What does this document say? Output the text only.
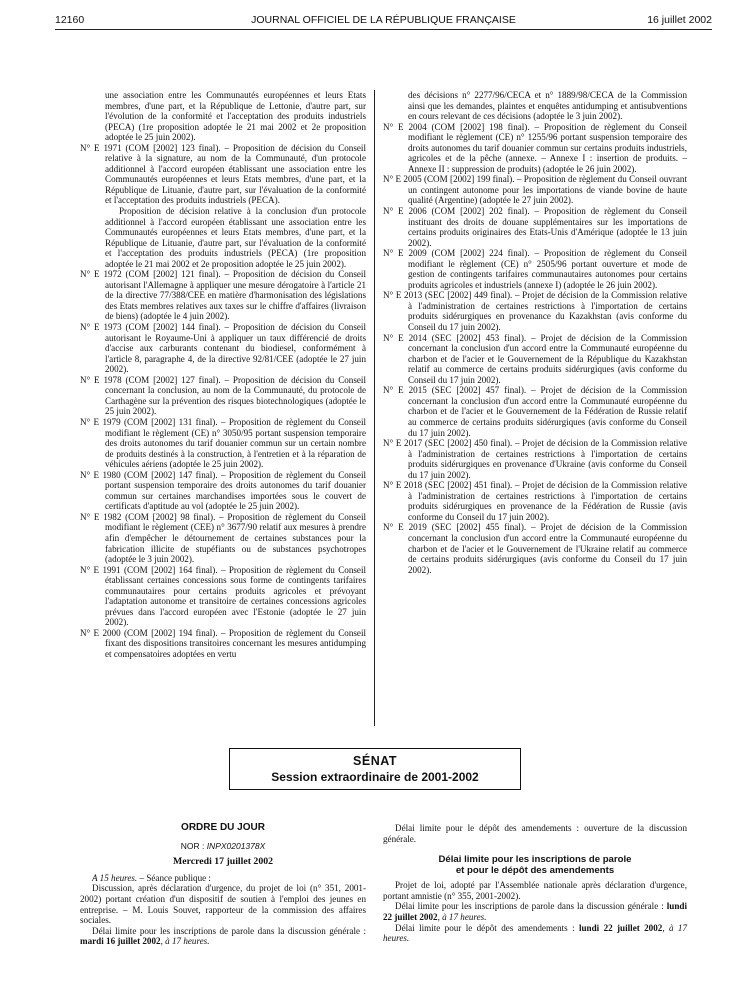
12160	JOURNAL OFFICIEL DE LA RÉPUBLIQUE FRANÇAISE	16 juillet 2002

une association entre les Communautés européennes et leurs Etats membres, d'une part, et la République de Lettonie, d'autre part, sur l'évolution de la conformité et l'acceptation des produits industriels (PECA) (1re proposition adoptée le 21 mai 2002 et 2e proposition adoptée le 25 juin 2002).

N° E 1971 (COM [2002] 123 final). – Proposition de décision du Conseil relative à la signature, au nom de la Communauté, d'un protocole additionnel à l'accord européen établissant une association entre les Communautés européennes et leurs Etats membres, d'une part, et la République de Lituanie, d'autre part, sur l'évaluation de la conformité et l'acceptation des produits industriels (PECA).

Proposition de décision relative à la conclusion d'un protocole additionnel à l'accord européen établissant une association entre les Communautés européennes et leurs Etats membres, d'une part, et la République de Lituanie, d'autre part, sur l'évaluation de la conformité et l'acceptation des produits industriels (PECA) (1re proposition adoptée le 21 mai 2002 et 2e proposition adoptée le 25 juin 2002).

N° E 1972 (COM [2002] 121 final). – Proposition de décision du Conseil autorisant l'Allemagne à appliquer une mesure dérogatoire à l'article 21 de la directive 77/388/CEE en matière d'harmonisation des législations des Etats membres relatives aux taxes sur le chiffre d'affaires (livraison de biens) (adoptée le 4 juin 2002).

N° E 1973 (COM [2002] 144 final). – Proposition de décision du Conseil autorisant le Royaume-Uni à appliquer un taux différencié de droits d'accise aux carburants contenant du biodiesel, conformément à l'article 8, paragraphe 4, de la directive 92/81/CEE (adoptée le 27 juin 2002).

N° E 1978 (COM [2002] 127 final). – Proposition de décision du Conseil concernant la conclusion, au nom de la Communauté, du protocole de Carthagène sur la prévention des risques biotechnologiques (adoptée le 25 juin 2002).

N° E 1979 (COM [2002] 131 final). – Proposition de règlement du Conseil modifiant le règlement (CE) n° 3050/95 portant suspension temporaire des droits autonomes du tarif douanier commun sur un certain nombre de produits destinés à la construction, à l'entretien et à la réparation de véhicules aériens (adoptée le 25 juin 2002).

N° E 1980 (COM [2002] 147 final). – Proposition de règlement du Conseil portant suspension temporaire des droits autonomes du tarif douanier commun sur certaines marchandises importées sous le couvert de certificats d'aptitude au vol (adoptée le 25 juin 2002).

N° E 1982 (COM [2002] 98 final). – Proposition de règlement du Conseil modifiant le règlement (CEE) n° 3677/90 relatif aux mesures à prendre afin d'empêcher le détournement de certaines substances pour la fabrication illicite de stupéfiants ou de substances psychotropes (adoptée le 3 juin 2002).

N° E 1991 (COM [2002] 164 final). – Proposition de règlement du Conseil établissant certaines concessions sous forme de contingents tarifaires communautaires pour certains produits agricoles et prévoyant l'adaptation autonome et transitoire de certaines concessions agricoles prévues dans l'accord européen avec l'Estonie (adoptée le 27 juin 2002).

N° E 2000 (COM [2002] 194 final). – Proposition de règlement du Conseil fixant des dispositions transitoires concernant les mesures antidumping et compensatoires adoptées en vertu

des décisions n° 2277/96/CECA et n° 1889/98/CECA de la Commission ainsi que les demandes, plaintes et enquêtes antidumping et antisubventions en cours relevant de ces décisions (adoptée le 3 juin 2002).

N° E 2004 (COM [2002] 198 final). – Proposition de règlement du Conseil modifiant le règlement (CE) n° 1255/96 portant suspension temporaire des droits autonomes du tarif douanier commun sur certains produits industriels, agricoles et de la pêche (annexe. – Annexe I : insertion de produits. – Annexe II : suppression de produits) (adoptée le 26 juin 2002).

N° E 2005 (COM [2002] 199 final). – Proposition de règlement du Conseil ouvrant un contingent autonome pour les importations de viande bovine de haute qualité (Argentine) (adoptée le 27 juin 2002).

N° E 2006 (COM [2002] 202 final). – Proposition de règlement du Conseil instituant des droits de douane supplémentaires sur les importations de certains produits originaires des Etats-Unis d'Amérique (adoptée le 13 juin 2002).

N° E 2009 (COM [2002] 224 final). – Proposition de règlement du Conseil modifiant le règlement (CE) n° 2505/96 portant ouverture et mode de gestion de contingents tarifaires communautaires autonomes pour certains produits agricoles et industriels (annexe I) (adoptée le 26 juin 2002).

N° E 2013 (SEC [2002] 449 final). – Projet de décision de la Commission relative à l'administration de certaines restrictions à l'importation de certains produits sidérurgiques en provenance du Kazakhstan (avis conforme du Conseil du 17 juin 2002).

N° E 2014 (SEC [2002] 453 final). – Projet de décision de la Commission concernant la conclusion d'un accord entre la Communauté européenne du charbon et de l'acier et le Gouvernement de la République du Kazakhstan relatif au commerce de certains produits sidérurgiques (avis conforme du Conseil du 17 juin 2002).

N° E 2015 (SEC [2002] 457 final). – Projet de décision de la Commission concernant la conclusion d'un accord entre la Communauté européenne du charbon et de l'acier et le Gouvernement de la Fédération de Russie relatif au commerce de certains produits sidérurgiques (avis conforme du Conseil du 17 juin 2002).

N° E 2017 (SEC [2002] 450 final). – Projet de décision de la Commission relative à l'administration de certaines restrictions à l'importation de certains produits sidérurgiques en provenance d'Ukraine (avis conforme du Conseil du 17 juin 2002).

N° E 2018 (SEC [2002] 451 final). – Projet de décision de la Commission relative à l'administration de certaines restrictions à l'importation de certains produits sidérurgiques en provenance de la Fédération de Russie (avis conforme du Conseil du 17 juin 2002).

N° E 2019 (SEC [2002] 455 final). – Projet de décision de la Commission concernant la conclusion d'un accord entre la Communauté européenne du charbon et de l'acier et le Gouvernement de l'Ukraine relatif au commerce de certains produits sidérurgiques (avis conforme du Conseil du 17 juin 2002).

SÉNAT
Session extraordinaire de 2001-2002
ORDRE DU JOUR
NOR : INPX0201378X
Mercredi 17 juillet 2002

A 15 heures. – Séance publique :

Discussion, après déclaration d'urgence, du projet de loi (n° 351, 2001-2002) portant création d'un dispositif de soutien à l'emploi des jeunes en entreprise. – M. Louis Souvet, rapporteur de la commission des affaires sociales.

Délai limite pour les inscriptions de parole dans la discussion générale : mardi 16 juillet 2002, à 17 heures.

Délai limite pour le dépôt des amendements : ouverture de la discussion générale.

Délai limite pour les inscriptions de parole
et pour le dépôt des amendements

Projet de loi, adopté par l'Assemblée nationale après déclaration d'urgence, portant amnistie (n° 355, 2001-2002).

Délai limite pour les inscriptions de parole dans la discussion générale : lundi 22 juillet 2002, à 17 heures.

Délai limite pour le dépôt des amendements : lundi 22 juillet 2002, à 17 heures.
